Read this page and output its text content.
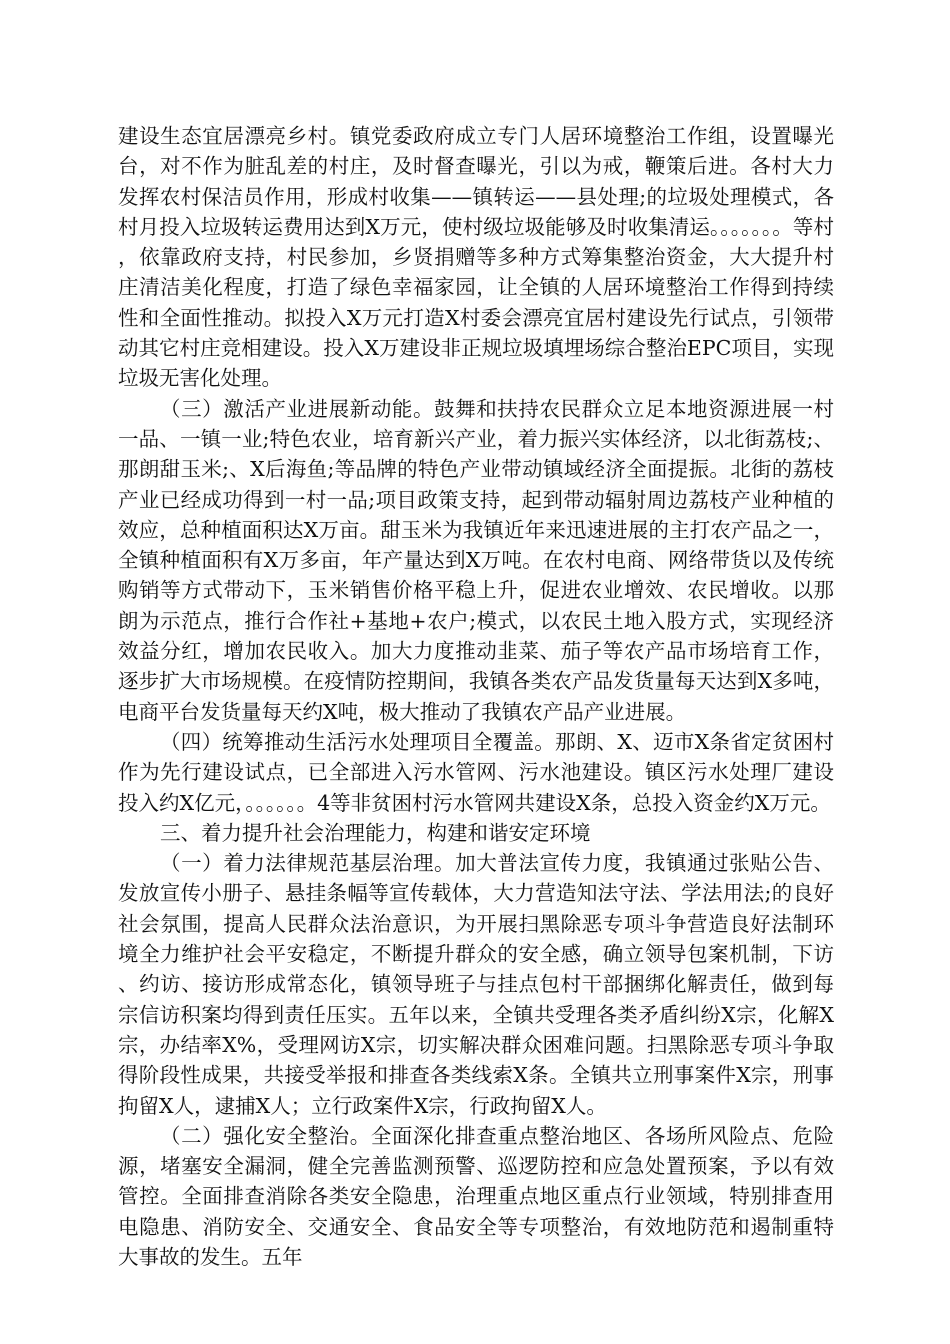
建设生态宜居漂亮乡村。镇党委政府成立专门人居环境整治工作组，设置曝光台，对不作为脏乱差的村庄，及时督查曝光，引以为戒，鞭策后进。各村大力发挥农村保洁员作用，形成村收集——镇转运——县处理;的垃圾处理模式，各村月投入垃圾转运费用达到X万元，使村级垃圾能够及时收集清运。。。。。。。等村，依靠政府支持，村民参加，乡贤捐赠等多种方式筹集整治资金，大大提升村庄清洁美化程度，打造了绿色幸福家园，让全镇的人居环境整治工作得到持续性和全面性推动。拟投入X万元打造X村委会漂亮宜居村建设先行试点，引领带动其它村庄竞相建设。投入X万建设非正规垃圾填埋场综合整治EPC项目，实现垃圾无害化处理。

（三）激活产业进展新动能。鼓舞和扶持农民群众立足本地资源进展一村一品、一镇一业;特色农业，培育新兴产业，着力振兴实体经济，以北街荔枝;、那朗甜玉米;、X后海鱼;等品牌的特色产业带动镇域经济全面提振。北街的荔枝产业已经成功得到一村一品;项目政策支持，起到带动辐射周边荔枝产业种植的效应，总种植面积达X万亩。甜玉米为我镇近年来迅速进展的主打农产品之一，全镇种植面积有X万多亩，年产量达到X万吨。在农村电商、网络带货以及传统购销等方式带动下，玉米销售价格平稳上升，促进农业增效、农民增收。以那朗为示范点，推行合作社+基地+农户;模式，以农民土地入股方式，实现经济效益分红，增加农民收入。加大力度推动韭菜、茄子等农产品市场培育工作，逐步扩大市场规模。在疫情防控期间，我镇各类农产品发货量每天达到X多吨，电商平台发货量每天约X吨，极大推动了我镇农产品产业进展。

（四）统筹推动生活污水处理项目全覆盖。那朗、X、迈市X条省定贫困村作为先行建设试点，已全部进入污水管网、污水池建设。镇区污水处理厂建设投入约X亿元，。。。。。。4等非贫困村污水管网共建设X条，总投入资金约X万元。

三、着力提升社会治理能力，构建和谐安定环境

（一）着力法律规范基层治理。加大普法宣传力度，我镇通过张贴公告、发放宣传小册子、悬挂条幅等宣传载体，大力营造知法守法、学法用法;的良好社会氛围，提高人民群众法治意识，为开展扫黑除恶专项斗争营造良好法制环境全力维护社会平安稳定，不断提升群众的安全感，确立领导包案机制，下访、约访、接访形成常态化，镇领导班子与挂点包村干部捆绑化解责任，做到每宗信访积案均得到责任压实。五年以来，全镇共受理各类矛盾纠纷X宗，化解X宗，办结率X%，受理网访X宗，切实解决群众困难问题。扫黑除恶专项斗争取得阶段性成果，共接受举报和排查各类线索X条。全镇共立刑事案件X宗，刑事拘留X人，逮捕X人；立行政案件X宗，行政拘留X人。

（二）强化安全整治。全面深化排查重点整治地区、各场所风险点、危险源，堵塞安全漏洞，健全完善监测预警、巡逻防控和应急处置预案，予以有效管控。全面排查消除各类安全隐患，治理重点地区重点行业领域，特别排查用电隐患、消防安全、交通安全、食品安全等专项整治，有效地防范和遏制重特大事故的发生。五年
